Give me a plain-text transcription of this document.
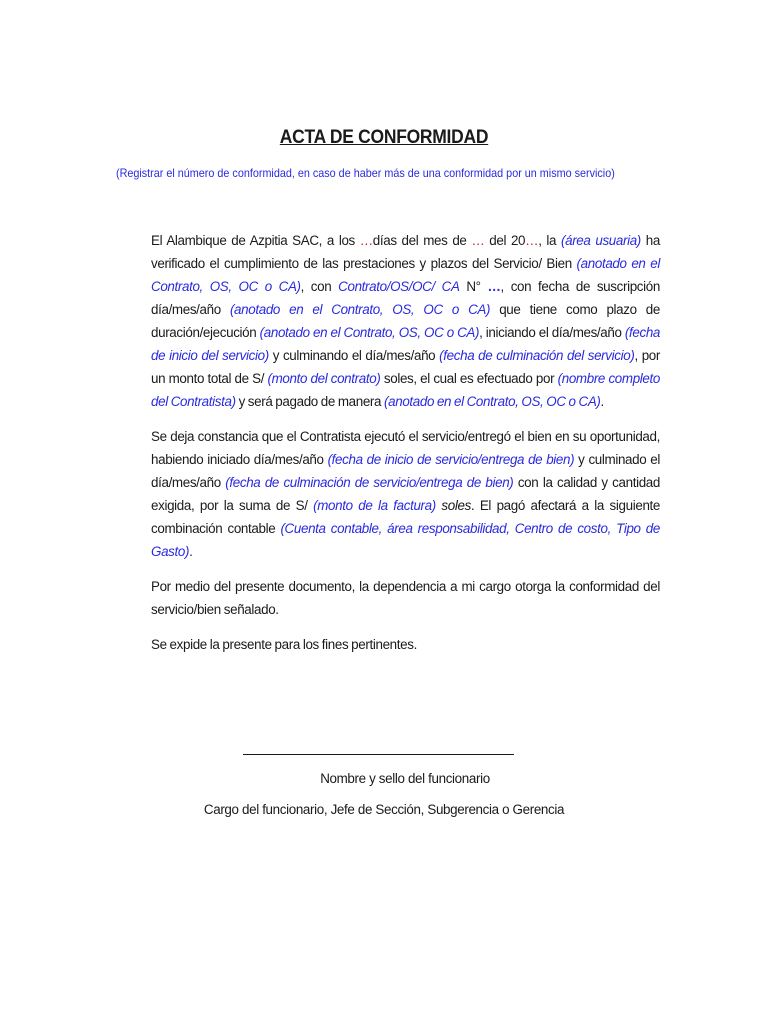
ACTA DE CONFORMIDAD
(Registrar el número de conformidad, en caso de haber más de una conformidad por un mismo servicio)

El Alambique de Azpitia SAC, a los …días del mes de … del 20…, la (área usuaria) ha verificado el cumplimiento de las prestaciones y plazos del Servicio/ Bien (anotado en el Contrato, OS, OC o CA), con Contrato/OS/OC/ CA N° …, con fecha de suscripción día/mes/año (anotado en el Contrato, OS, OC o CA) que tiene como plazo de duración/ejecución (anotado en el Contrato, OS, OC o CA), iniciando el día/mes/año (fecha de inicio del servicio) y culminando el día/mes/año (fecha de culminación del servicio), por un monto total de S/ (monto del contrato) soles, el cual es efectuado por (nombre completo del Contratista) y será pagado de manera (anotado en el Contrato, OS, OC o CA).

Se deja constancia que el Contratista ejecutó el servicio/entregó el bien en su oportunidad, habiendo iniciado día/mes/año (fecha de inicio de servicio/entrega de bien) y culminado el día/mes/año (fecha de culminación de servicio/entrega de bien) con la calidad y cantidad exigida, por la suma de S/ (monto de la factura) soles. El pagó afectará a la siguiente combinación contable (Cuenta contable, área responsabilidad, Centro de costo, Tipo de Gasto).

Por medio del presente documento, la dependencia a mi cargo otorga la conformidad del servicio/bien señalado.

Se expide la presente para los fines pertinentes.

Nombre y sello del funcionario
Cargo del funcionario, Jefe de Sección, Subgerencia o Gerencia
